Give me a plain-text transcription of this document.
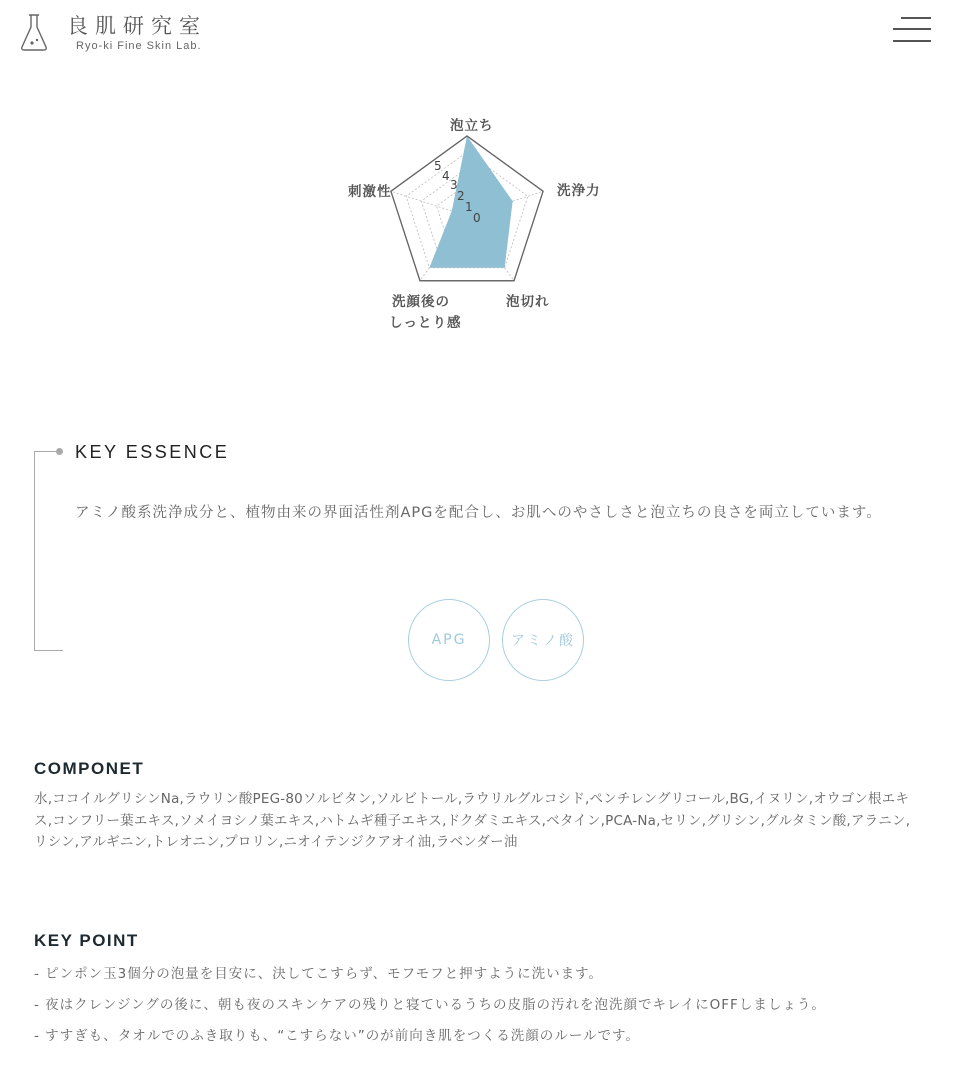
良肌研究室
Ryo-ki Fine Skin Lab.
泡立ち
洗浄力
泡切れ
洗顔後の
しっとり感
刺激性
5
4
3
2
1
0
KEY ESSENCE
アミノ酸系洗浄成分と、植物由来の界面活性剤APGを配合し、お肌へのやさしさと泡立ちの良さを両立しています。
APG	アミノ酸
COMPONET
水,ココイルグリシンNa,ラウリン酸PEG-80ソルビタン,ソルビトール,ラウリルグルコシド,ペンチレングリコール,BG,イヌリン,オウゴン根エキス,コンフリー葉エキス,ソメイヨシノ葉エキス,ハトムギ種子エキス,ドクダミエキス,ベタイン,PCA-Na,セリン,グリシン,グルタミン酸,アラニン,リシン,アルギニン,トレオニン,プロリン,ニオイテンジクアオイ油,ラベンダー油
KEY POINT
- ピンポン玉3個分の泡量を目安に、決してこすらず、モフモフと押すように洗います。
- 夜はクレンジングの後に、朝も夜のスキンケアの残りと寝ているうちの皮脂の汚れを泡洗顔でキレイにOFFしましょう。
- すすぎも、タオルでのふき取りも、“こすらない”のが前向き肌をつくる洗顔のルールです。
